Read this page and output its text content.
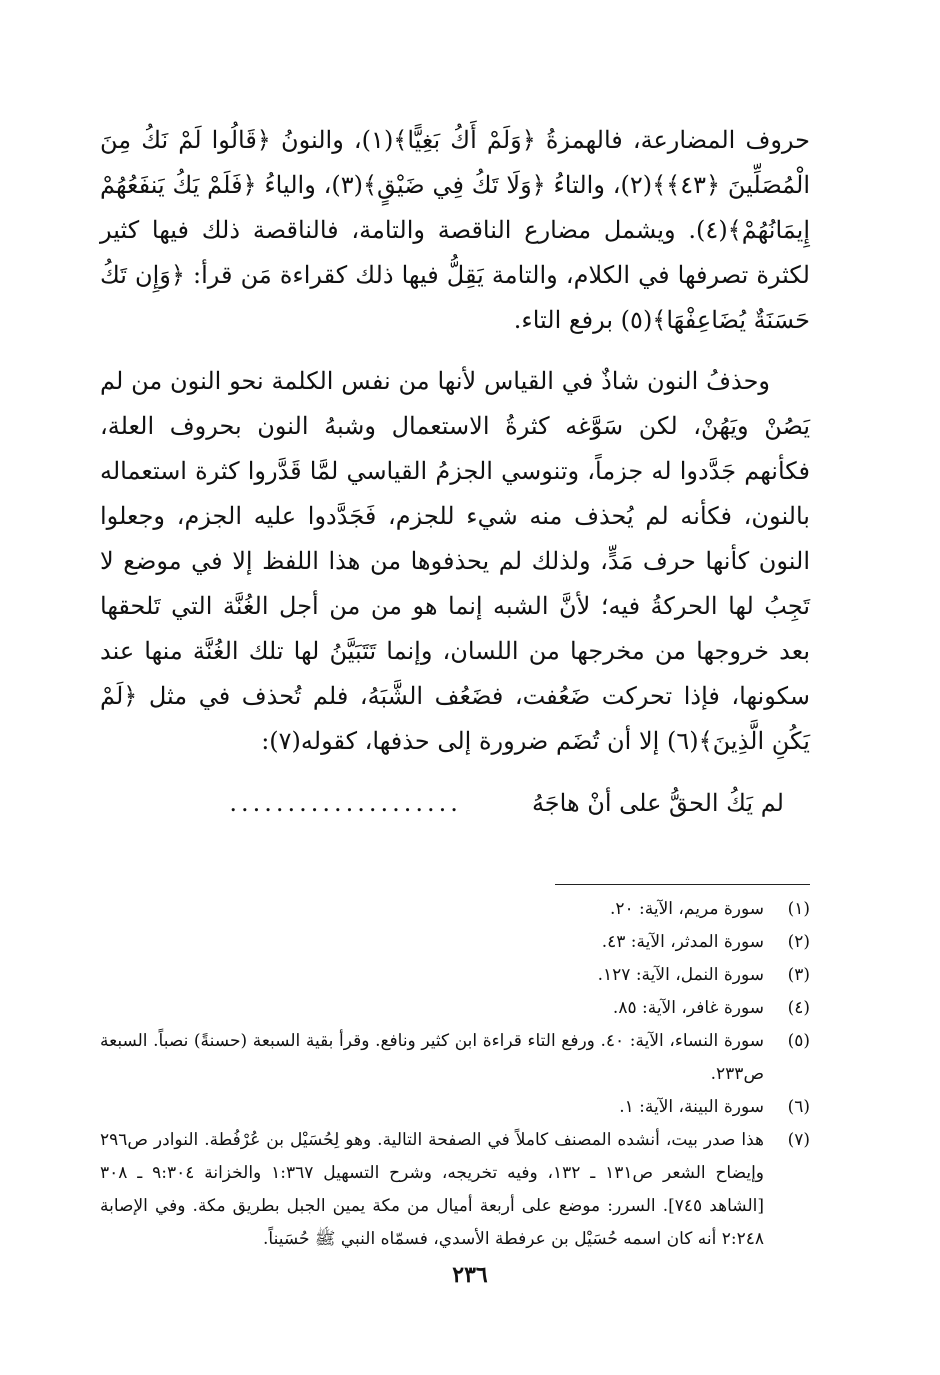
حروف المضارعة، فالهمزةُ ﴿وَلَمْ أَكُ بَغِيًّا﴾(١)، والنونُ ﴿قَالُوا لَمْ نَكُ مِنَ الْمُصَلِّينَ ﴿٤٣﴾﴾(٢)، والتاءُ ﴿وَلَا تَكُ فِي ضَيْقٍ﴾(٣)، والياءُ ﴿فَلَمْ يَكُ يَنفَعُهُمْ إِيمَانُهُمْ﴾(٤). ويشمل مضارع الناقصة والتامة، فالناقصة ذلك فيها كثير لكثرة تصرفها في الكلام، والتامة يَقِلُّ فيها ذلك كقراءة مَن قرأ: ﴿وَإِن تَكُ حَسَنَةٌ يُضَاعِفْهَا﴾(٥) برفع التاء.

وحذفُ النون شاذٌ في القياس لأنها من نفس الكلمة نحو النون من لم يَصُنْ ويَهُنْ، لكن سَوَّغه كثرةُ الاستعمال وشبهُ النون بحروف العلة، فكأنهم جَدَّدوا له جزماً، وتنوسي الجزمُ القياسي لمَّا قَدَّروا كثرة استعماله بالنون، فكأنه لم يُحذف منه شيء للجزم، فَجَدَّدوا عليه الجزم، وجعلوا النون كأنها حرف مَدٍّ، ولذلك لم يحذفوها من هذا اللفظ إلا في موضع لا تَجِبُ لها الحركةُ فيه؛ لأنَّ الشبه إنما هو من من أجل الغُنَّة التي تَلحقها بعد خروجها من مخرجها من اللسان، وإنما تَتَبَيَّنُ لها تلك الغُنَّة منها عند سكونها، فإذا تحركت ضَعُفت، فضَعُف الشَّبَهُ، فلم تُحذف في مثل ﴿لَمْ يَكُنِ الَّذِينَ﴾(٦) إلا أن تُضَم ضرورة إلى حذفها، كقوله(٧):

لم يَكُ الحقُّ على أنْ هاجَهُ
....................
(١)
سورة مريم، الآية: ٢٠.
(٢)
سورة المدثر، الآية: ٤٣.
(٣)
سورة النمل، الآية: ١٢٧.
(٤)
سورة غافر، الآية: ٨٥.
(٥)
سورة النساء، الآية: ٤٠. ورفع التاء قراءة ابن كثير ونافع. وقرأ بقية السبعة (حسنةً) نصباً. السبعة ص٢٣٣.
(٦)
سورة البينة، الآية: ١.
(٧)
هذا صدر بيت، أنشده المصنف كاملاً في الصفحة التالية. وهو لِحُسَيْل بن عُرْفُطة. النوادر ص٢٩٦ وإيضاح الشعر ص١٣١ ـ ١٣٢، وفيه تخريجه، وشرح التسهيل ١:٣٦٧ والخزانة ٩:٣٠٤ ـ ٣٠٨ [الشاهد ٧٤٥]. السرر: موضع على أربعة أميال من مكة يمين الجبل بطريق مكة. وفي الإصابة ٢:٢٤٨ أنه كان اسمه حُسَيْل بن عرفطة الأسدي، فسمّاه النبي ﷺ حُسَيناً.
٢٣٦
